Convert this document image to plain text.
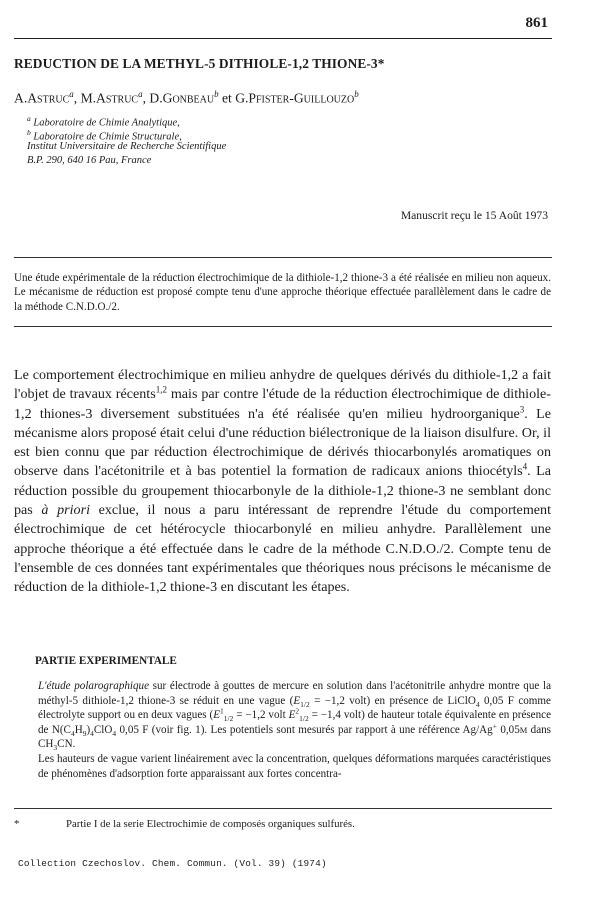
861
REDUCTION DE LA METHYL-5 DITHIOLE-1,2 THIONE-3*
A.Astruc$^a$, M.Astruc$^a$, D.Gonbeau$^b$ et G.Pfister-Guillouzo$^b$
$^a$ Laboratoire de Chimie Analytique,
$^b$ Laboratoire de Chimie Structurale,
Institut Universitaire de Recherche Scientifique
B.P. 290, 640 16 Pau, France
Manuscrit reçu le 15 Août 1973
Une étude expérimentale de la réduction électrochimique de la dithiole-1,2 thione-3 a été réalisée en milieu non aqueux. Le mécanisme de réduction est proposé compte tenu d'une approche théorique effectuée parallèlement dans le cadre de la méthode C.N.D.O./2.
Le comportement électrochimique en milieu anhydre de quelques dérivés du dithiole-1,2 a fait l'objet de travaux récents$^{1,2}$ mais par contre l'étude de la réduction électrochimique de dithiole-1,2 thiones-3 diversement substituées n'a été réalisée qu'en milieu hydroorganique$^3$. Le mécanisme alors proposé était celui d'une réduction biélectronique de la liaison disulfure. Or, il est bien connu que par réduction électrochimique de dérivés thiocarbonylés aromatiques on observe dans l'acétonitrile et à bas potentiel la formation de radicaux anions thiocétyls$^4$. La réduction possible du groupement thiocarbonyle de la dithiole-1,2 thione-3 ne semblant donc pas à priori exclue, il nous a paru intéressant de reprendre l'étude du comportement électrochimique de cet hétérocycle thiocarbonylé en milieu anhydre. Parallèlement une approche théorique a été effectuée dans le cadre de la méthode C.N.D.O./2. Compte tenu de l'ensemble de ces données tant expérimentales que théoriques nous précisons le mécanisme de réduction de la dithiole-1,2 thione-3 en discutant les étapes.
PARTIE EXPERIMENTALE
L'étude polarographique sur électrode à gouttes de mercure en solution dans l'acétonitrile anhydre montre que la méthyl-5 dithiole-1,2 thione-3 se réduit en une vague ($E_{1/2} = -1,2$ volt) en présence de LiClO$_4$ 0,05 F comme électrolyte support ou en deux vagues ($E^1_{1/2} = -1,2$ volt $E^2_{1/2} = -1,4$ volt) de hauteur totale équivalente en présence de $N(C_4H_9)_4ClO_4$ 0,05 F (voir fig. 1). Les potentiels sont mesurés par rapport à une référence Ag/Ag+ 0,05M dans $CH_3CN$.
Les hauteurs de vague varient linéairement avec la concentration, quelques déformations marquées caractéristiques de phénomènes d'adsorption forte apparaissant aux fortes concentra-
*	Partie I de la serie Electrochimie de composés organiques sulfurés.
Collection Czechoslov. Chem. Commun. (Vol. 39) (1974)
